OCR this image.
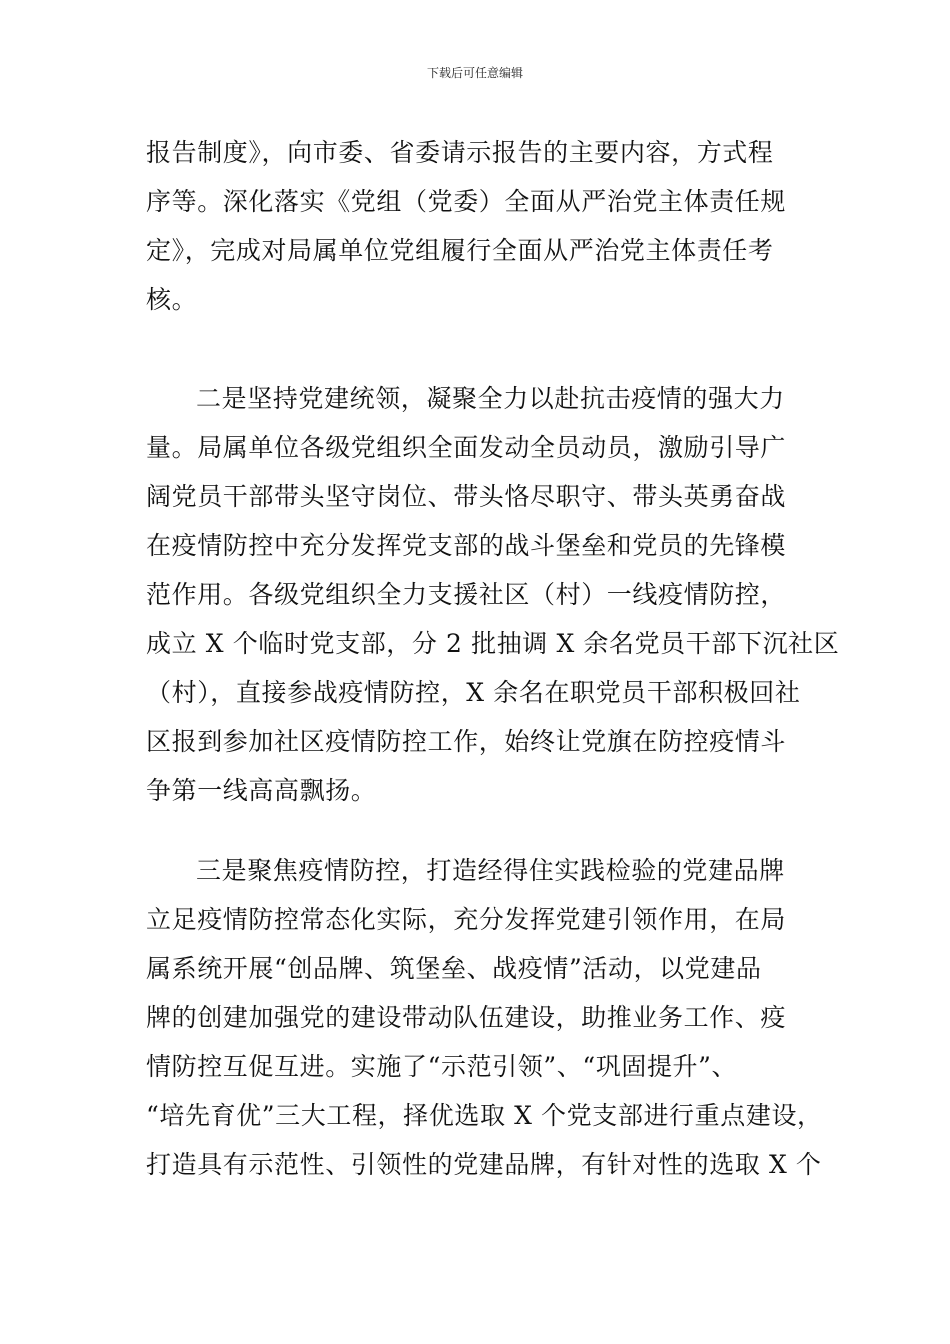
下载后可任意编辑
报告制度》，向市委、省委请示报告的主要内容，方式程
序等。深化落实《党组（党委）全面从严治党主体责任规
定》，完成对局属单位党组履行全面从严治党主体责任考
核。
二是坚持党建统领，凝聚全力以赴抗击疫情的强大力
量。局属单位各级党组织全面发动全员动员，激励引导广
阔党员干部带头坚守岗位、带头恪尽职守、带头英勇奋战
在疫情防控中充分发挥党支部的战斗堡垒和党员的先锋模
范作用。各级党组织全力支援社区（村）一线疫情防控，
成立 X 个临时党支部，分 2 批抽调 X 余名党员干部下沉社区
（村），直接参战疫情防控，X 余名在职党员干部积极回社
区报到参加社区疫情防控工作，始终让党旗在防控疫情斗
争第一线高高飘扬。
三是聚焦疫情防控，打造经得住实践检验的党建品牌
立足疫情防控常态化实际，充分发挥党建引领作用，在局
属系统开展“创品牌、筑堡垒、战疫情”活动，以党建品
牌的创建加强党的建设带动队伍建设，助推业务工作、疫
情防控互促互进。实施了“示范引领”、“巩固提升”、
“培先育优”三大工程，择优选取 X 个党支部进行重点建设，
打造具有示范性、引领性的党建品牌，有针对性的选取 X 个
